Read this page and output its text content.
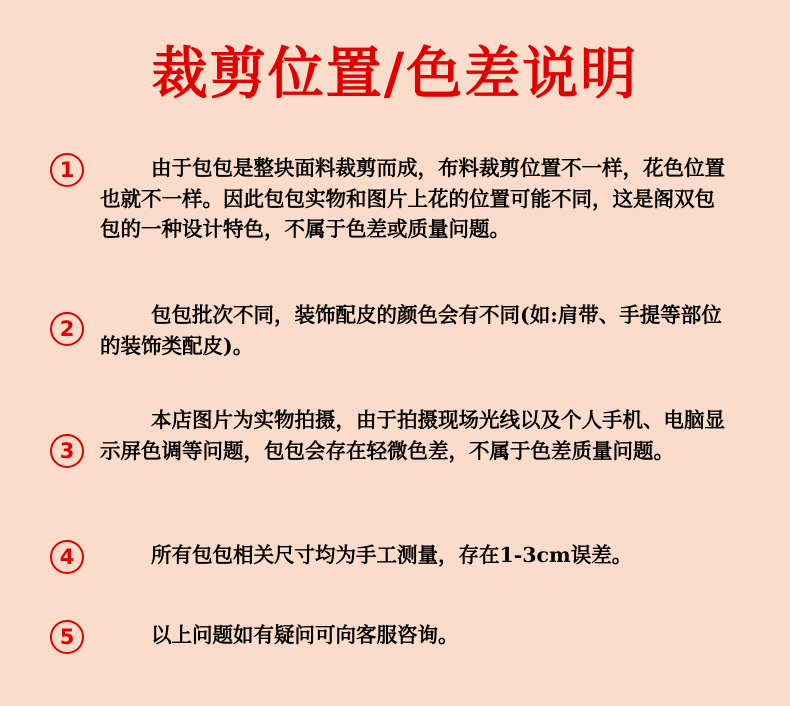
裁剪位置/色差说明
1	由于包包是整块面料裁剪而成，布料裁剪位置不一样，花色位置也就不一样。因此包包实物和图片上花的位置可能不同，这是阁双包包的一种设计特色，不属于色差或质量问题。

2

包包批次不同，装饰配皮的颜色会有不同(如:肩带、手提等部位的装饰类配皮)。

3

本店图片为实物拍摄，由于拍摄现场光线以及个人手机、电脑显示屏色调等问题，包包会存在轻微色差，不属于色差质量问题。

4	所有包包相关尺寸均为手工测量，存在1-3cm误差。

5	以上问题如有疑问可向客服咨询。
